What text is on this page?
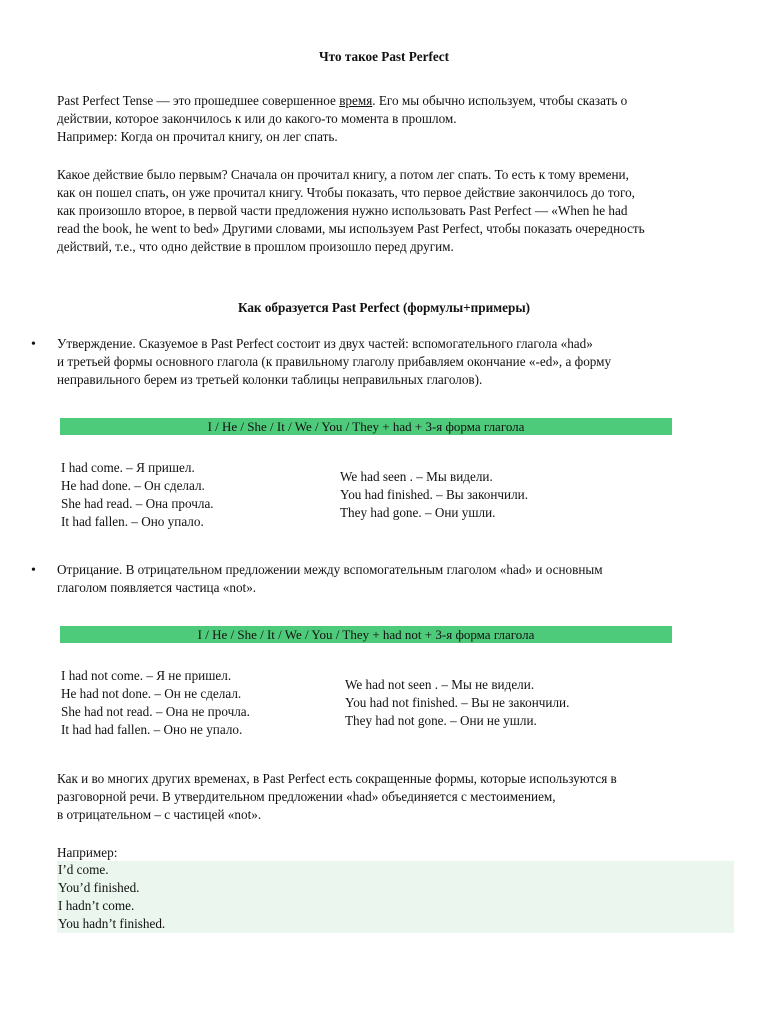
Что такое Past Perfect
Past Perfect Tense — это прошедшее совершенное время. Его мы обычно используем, чтобы сказать о
действии, которое закончилось к или до какого-то момента в прошлом.
Например: Когда он прочитал книгу, он лег спать.
Какое действие было первым? Сначала он прочитал книгу, а потом лег спать. То есть к тому времени,
как он пошел спать, он уже прочитал книгу. Чтобы показать, что первое действие закончилось до того,
как произошло второе, в первой части предложения нужно использовать Past Perfect — «When he had
read the book, he went to bed» Другими словами, мы используем Past Perfect, чтобы показать очередность
действий, т.е., что одно действие в прошлом произошло перед другим.
Как образуется Past Perfect (формулы+примеры)
• Утверждение. Сказуемое в Past Perfect состоит из двух частей: вспомогательного глагола «had»
и третьей формы основного глагола (к правильному глаголу прибавляем окончание «-ed», а форму
неправильного берем из третьей колонки таблицы неправильных глаголов).
I / He / She / It / We / You / They + had + 3-я форма глагола
I had come. – Я пришел.
He had done. – Он сделал.
She had read. – Она прочла.
It had fallen. – Оно упало.
We had seen . – Мы видели.
You had finished. – Вы закончили.
They had gone. – Они ушли.
• Отрицание. В отрицательном предложении между вспомогательным глаголом «had» и основным
глаголом появляется частица «not».
I / He / She / It / We / You / They + had not + 3-я форма глагола
I had not come. – Я не пришел.
He had not done. – Он не сделал.
She had not read. – Она не прочла.
It had had fallen. – Оно не упало.
We had not seen . – Мы не видели.
You had not finished. – Вы не закончили.
They had not gone. – Они не ушли.
Как и во многих других временах, в Past Perfect есть сокращенные формы, которые используются в
разговорной речи. В утвердительном предложении «had» объединяется с местоимением,
в отрицательном – с частицей «not».
Например:
I’d come.
You’d finished.
I hadn’t come.
You hadn’t finished.
